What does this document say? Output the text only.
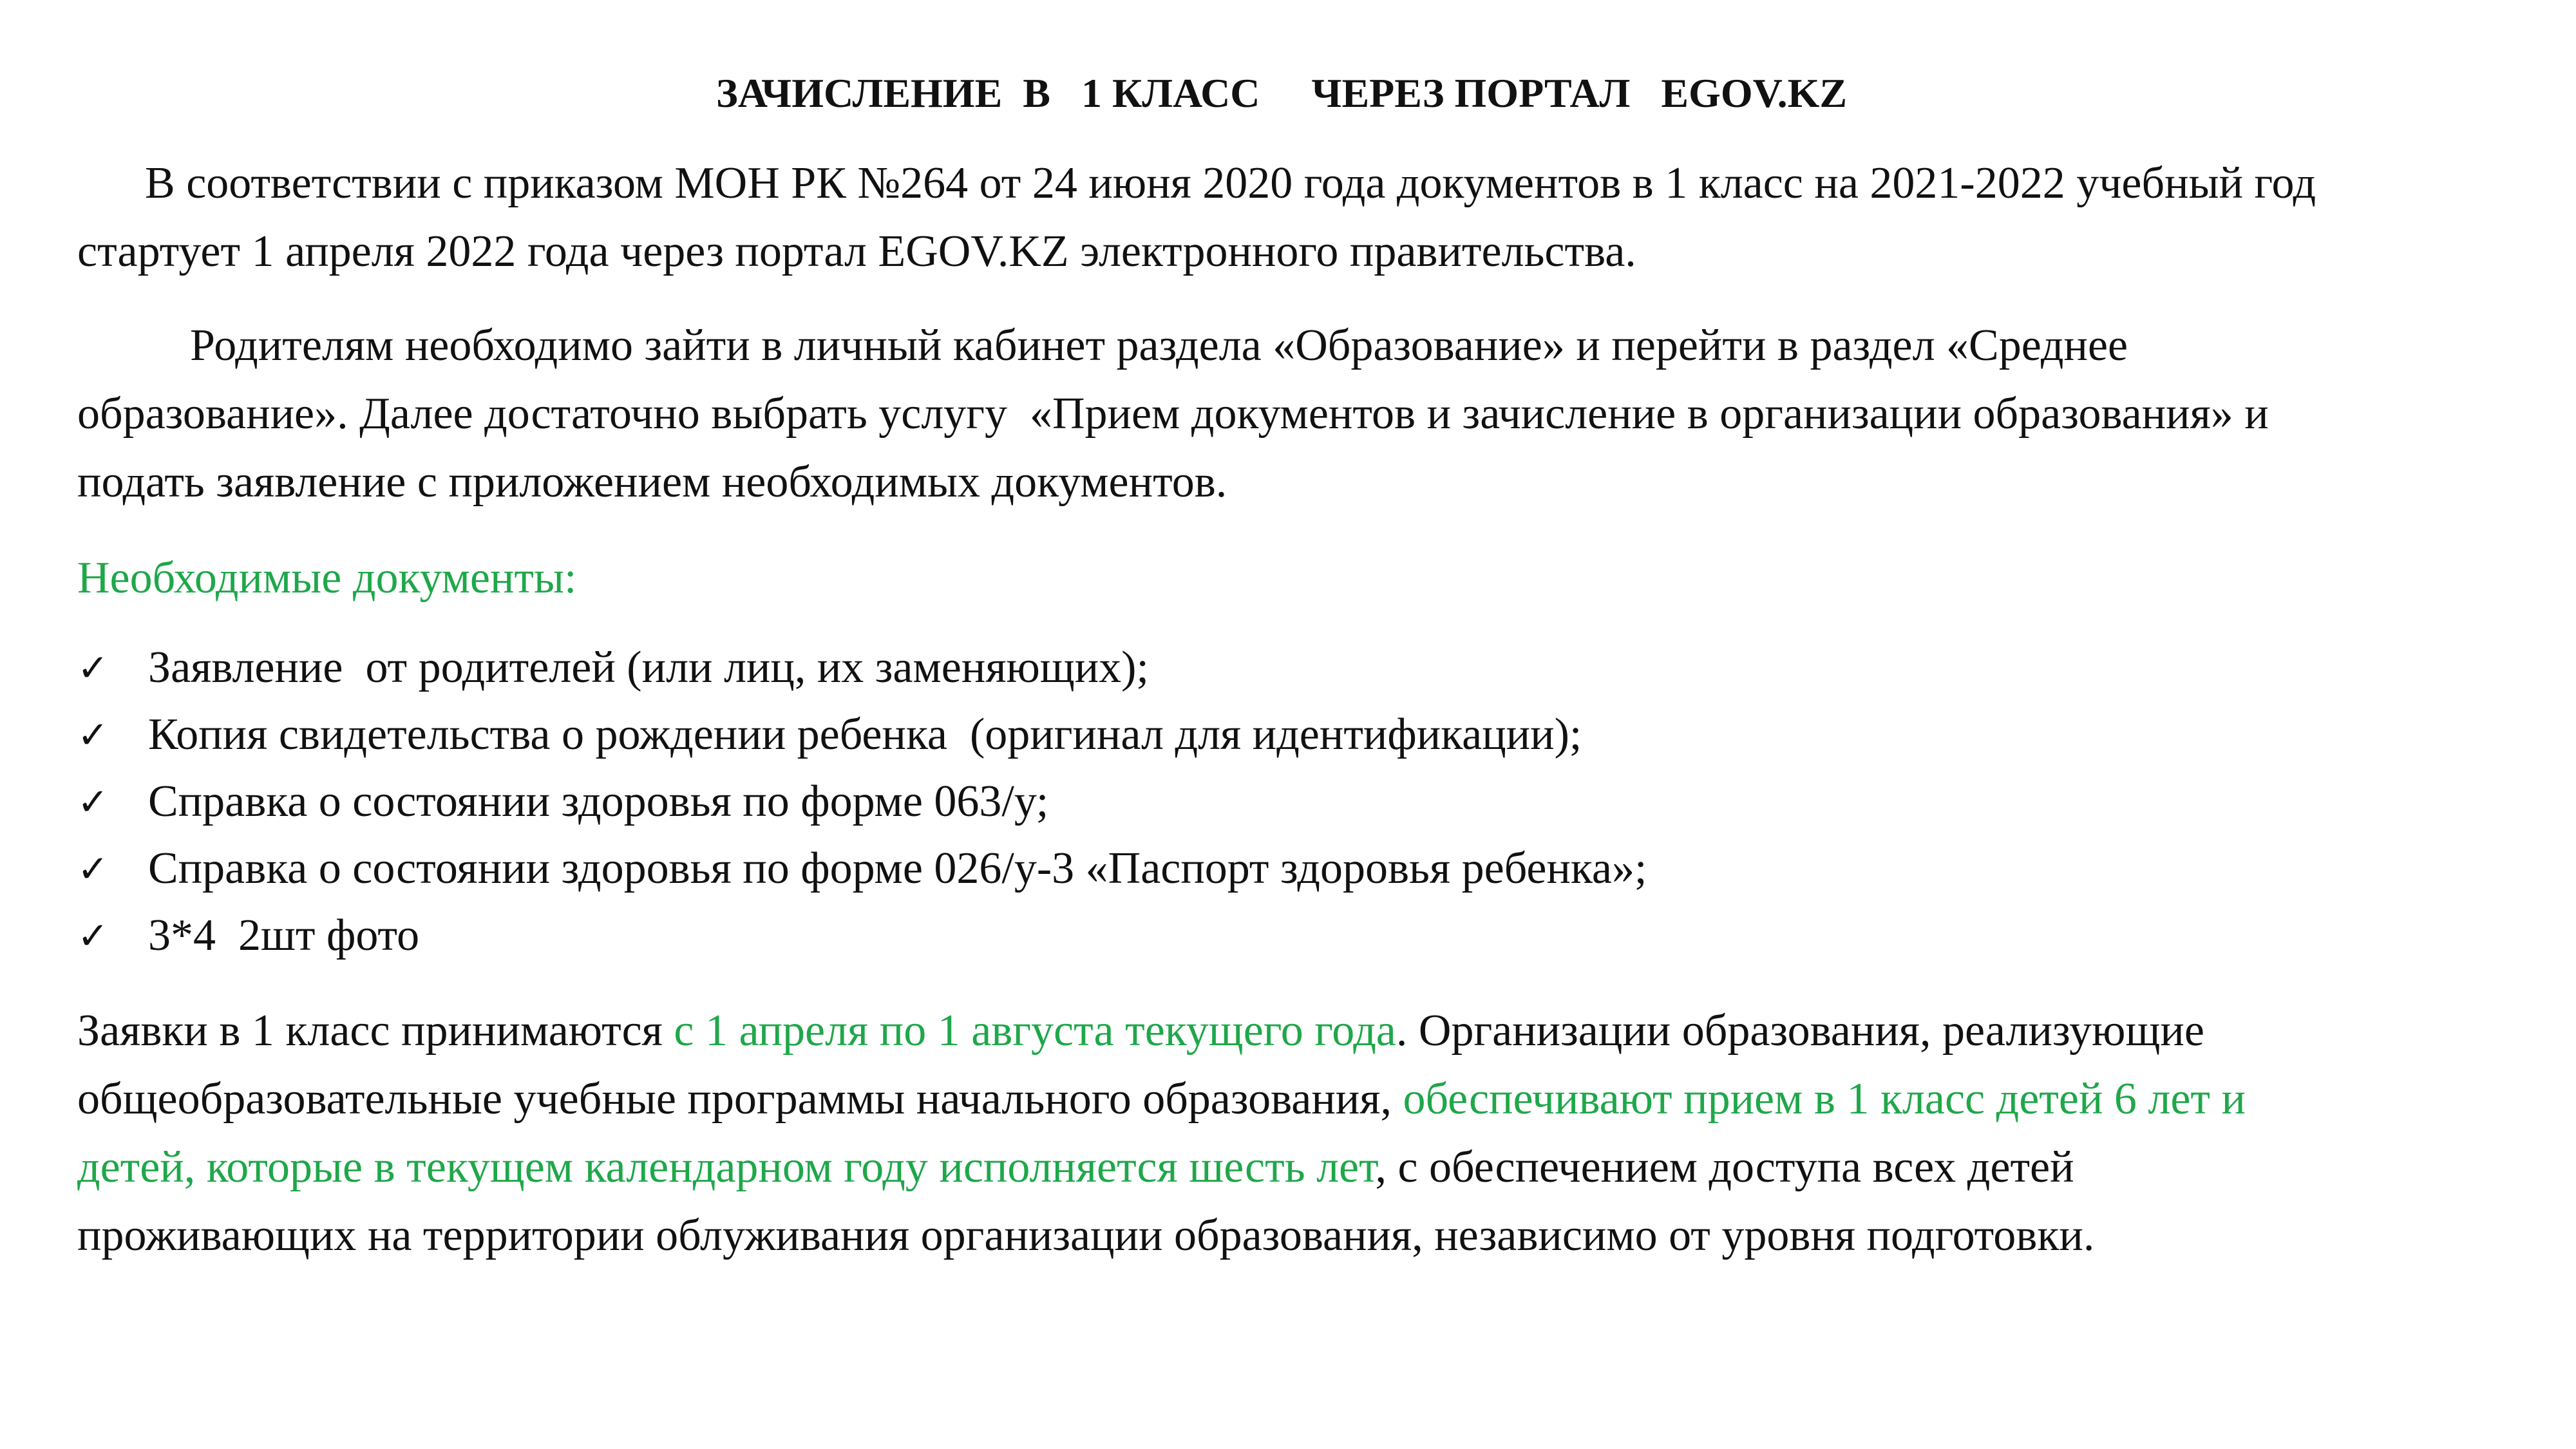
ЗАЧИСЛЕНИЕ  В   1 КЛАСС     ЧЕРЕЗ ПОРТАЛ   EGOV.KZ

В соответствии с приказом МОН РК №264 от 24 июня 2020 года документов в 1 класс на 2021-2022 учебный год
стартует 1 апреля 2022 года через портал EGOV.KZ электронного правительства.

Родителям необходимо зайти в личный кабинет раздела «Образование» и перейти в раздел «Среднее
образование». Далее достаточно выбрать услугу  «Прием документов и зачисление в организации образования» и
подать заявление с приложением необходимых документов.

Необходимые документы:

✓ Заявление  от родителей (или лиц, их заменяющих);
✓ Копия свидетельства о рождении ребенка  (оригинал для идентификации);
✓ Справка о состоянии здоровья по форме 063/у;
✓ Справка о состоянии здоровья по форме 026/у-3 «Паспорт здоровья ребенка»;
✓ 3*4  2шт фото

Заявки в 1 класс принимаются с 1 апреля по 1 августа текущего года. Организации образования, реализующие
общеобразовательные учебные программы начального образования, обеспечивают прием в 1 класс детей 6 лет и
детей, которые в текущем календарном году исполняется шесть лет, с обеспечением доступа всех детей
проживающих на территории облуживания организации образования, независимо от уровня подготовки.
